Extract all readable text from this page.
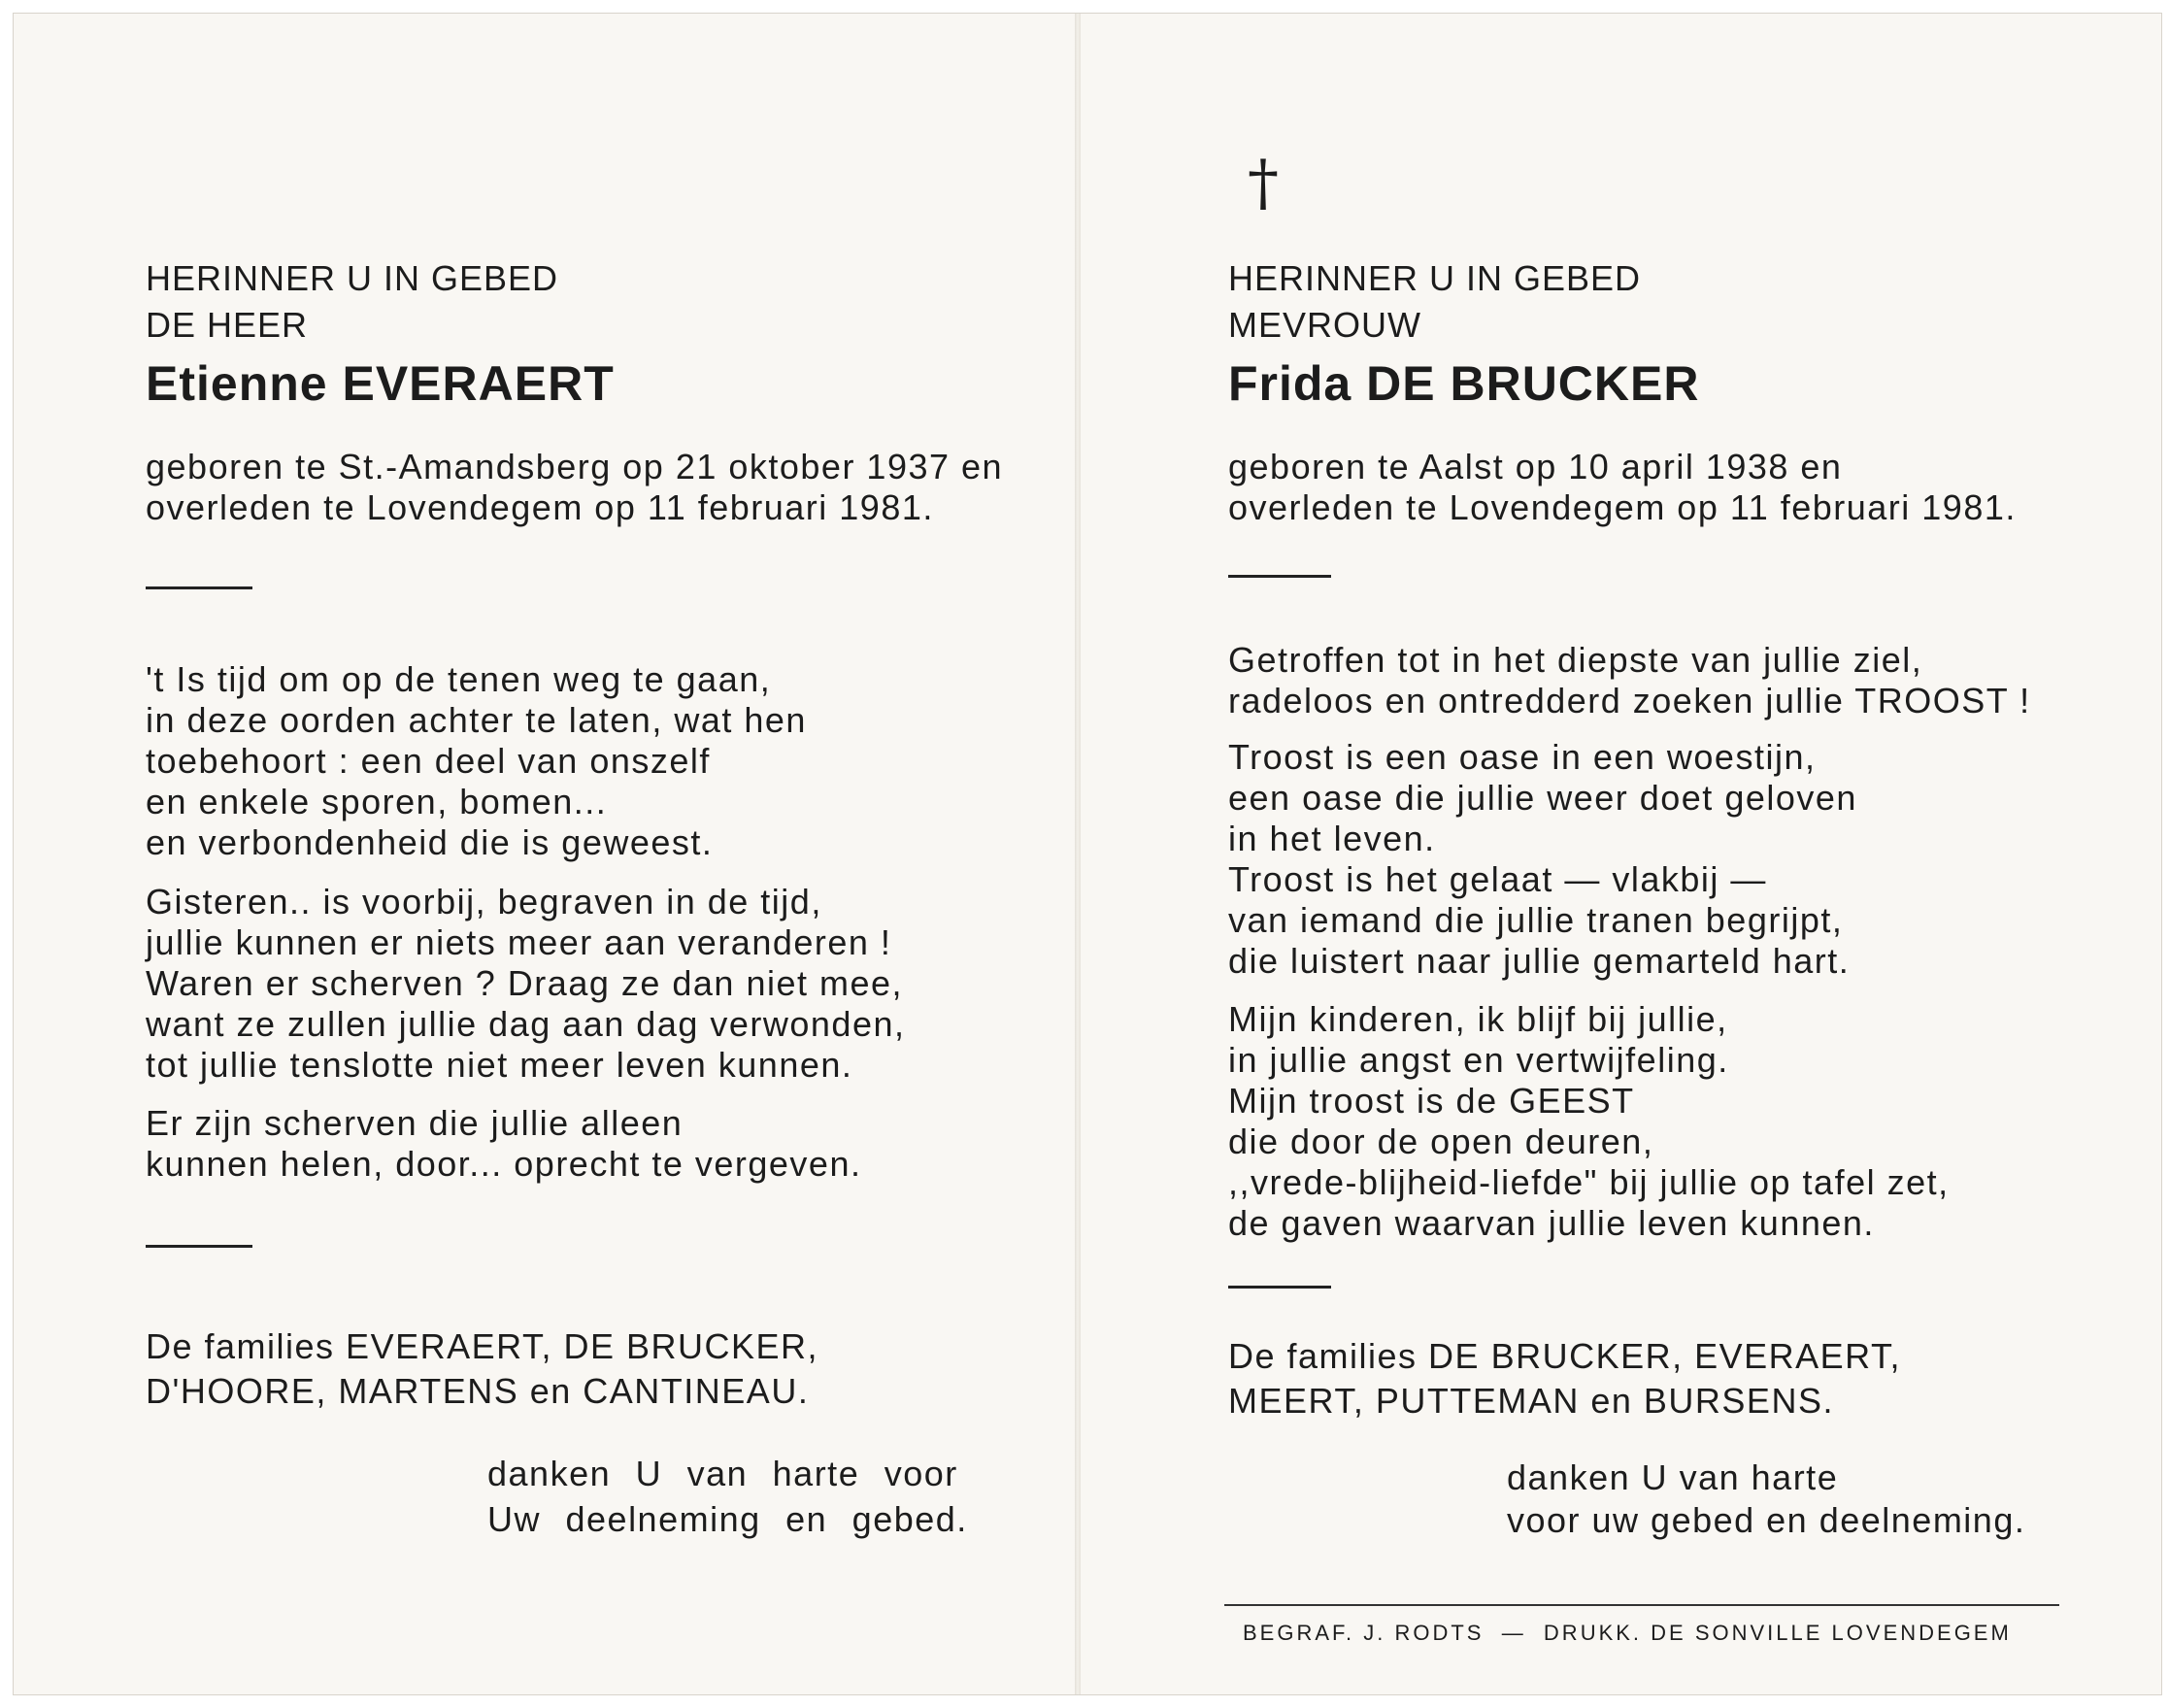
HERINNER U IN GEBED
DE HEER
Etienne EVERAERT
geboren te St.-Amandsberg op 21 oktober 1937 en
overleden te Lovendegem op 11 februari 1981.
't Is tijd om op de tenen weg te gaan,
in deze oorden achter te laten, wat hen
toebehoort : een deel van onszelf
en enkele sporen, bomen...
en verbondenheid die is geweest.
Gisteren.. is voorbij, begraven in de tijd,
jullie kunnen er niets meer aan veranderen !
Waren er scherven ? Draag ze dan niet mee,
want ze zullen jullie dag aan dag verwonden,
tot jullie tenslotte niet meer leven kunnen.
Er zijn scherven die jullie alleen
kunnen helen, door... oprecht te vergeven.
De families EVERAERT, DE BRUCKER,
D'HOORE, MARTENS en CANTINEAU.
danken U van harte voor
Uw deelneming en gebed.
†
HERINNER U IN GEBED
MEVROUW
Frida DE BRUCKER
geboren te Aalst op 10 april 1938 en
overleden te Lovendegem op 11 februari 1981.
Getroffen tot in het diepste van jullie ziel,
radeloos en ontredderd zoeken jullie TROOST !
Troost is een oase in een woestijn,
een oase die jullie weer doet geloven
in het leven.
Troost is het gelaat — vlakbij —
van iemand die jullie tranen begrijpt,
die luistert naar jullie gemarteld hart.
Mijn kinderen, ik blijf bij jullie,
in jullie angst en vertwijfeling.
Mijn troost is de GEEST
die door de open deuren,
,,vrede-blijheid-liefde" bij jullie op tafel zet,
de gaven waarvan jullie leven kunnen.
De families DE BRUCKER, EVERAERT,
MEERT, PUTTEMAN en BURSENS.
danken U van harte
voor uw gebed en deelneming.
BEGRAF. J. RODTS  —  DRUKK. DE SONVILLE LOVENDEGEM
